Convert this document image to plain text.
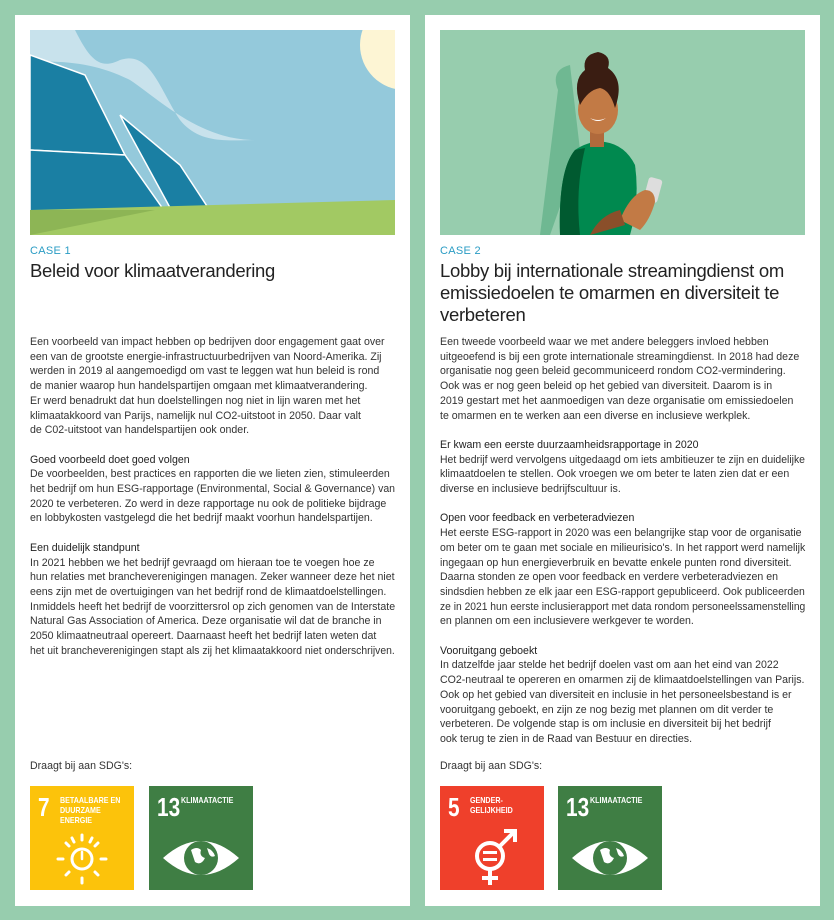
CASE 1
Beleid voor klimaatverandering
Een voorbeeld van impact hebben op bedrijven door engagement gaat over
een van de grootste energie-infrastructuurbedrijven van Noord-Amerika. Zij
werden in 2019 al aangemoedigd om vast te leggen wat hun beleid is rond
de manier waarop hun handelspartijen omgaan met klimaatverandering.
Er werd benadrukt dat hun doelstellingen nog niet in lijn waren met het
klimaatakkoord van Parijs, namelijk nul CO2-uitstoot in 2050. Daar valt
de C02-uitstoot van handelspartijen ook onder.
Goed voorbeeld doet goed volgen
De voorbeelden, best practices en rapporten die we lieten zien, stimuleerden
het bedrijf om hun ESG-rapportage (Environmental, Social & Governance) van
2020 te verbeteren. Zo werd in deze rapportage nu ook de politieke bijdrage
en lobbykosten vastgelegd die het bedrijf maakt voorhun handelspartijen.
Een duidelijk standpunt
In 2021 hebben we het bedrijf gevraagd om hieraan toe te voegen hoe ze
hun relaties met brancheverenigingen managen. Zeker wanneer deze het niet
eens zijn met de overtuigingen van het bedrijf rond de klimaatdoelstellingen.
Inmiddels heeft het bedrijf de voorzittersrol op zich genomen van de Interstate
Natural Gas Association of America. Deze organisatie wil dat de branche in
2050 klimaatneutraal opereert. Daarnaast heeft het bedrijf laten weten dat
het uit brancheverenigingen stapt als zij het klimaatakkoord niet onderschrijven.
Draagt bij aan SDG's:
7 BETAALBARE EN
DUURZAME
ENERGIE	13 KLIMAATACTIE
CASE 2
Lobby bij internationale streamingdienst om emissiedoelen te omarmen en diversiteit te verbeteren
Een tweede voorbeeld waar we met andere beleggers invloed hebben
uitgeoefend is bij een grote internationale streamingdienst. In 2018 had deze
organisatie nog geen beleid gecommuniceerd rondom CO2-vermindering.
Ook was er nog geen beleid op het gebied van diversiteit. Daarom is in
2019 gestart met het aanmoedigen van deze organisatie om emissiedoelen
te omarmen en te werken aan een diverse en inclusieve werkplek.
Er kwam een eerste duurzaamheidsrapportage in 2020
Het bedrijf werd vervolgens uitgedaagd om iets ambitieuzer te zijn en duidelijke
klimaatdoelen te stellen. Ook vroegen we om beter te laten zien dat er een
diverse en inclusieve bedrijfscultuur is.
Open voor feedback en verbeteradviezen
Het eerste ESG-rapport in 2020 was een belangrijke stap voor de organisatie
om beter om te gaan met sociale en milieurisico's. In het rapport werd namelijk
ingegaan op hun energieverbruik en bevatte enkele punten rond diversiteit.
Daarna stonden ze open voor feedback en verdere verbeteradviezen en
sindsdien hebben ze elk jaar een ESG-rapport gepubliceerd. Ook publiceerden
ze in 2021 hun eerste inclusierapport met data rondom personeelssamenstelling
en plannen om een inclusievere werkgever te worden.
Vooruitgang geboekt
In datzelfde jaar stelde het bedrijf doelen vast om aan het eind van 2022
CO2-neutraal te opereren en omarmen zij de klimaatdoelstellingen van Parijs.
Ook op het gebied van diversiteit en inclusie in het personeelsbestand is er
vooruitgang geboekt, en zijn ze nog bezig met plannen om dit verder te
verbeteren. De volgende stap is om inclusie en diversiteit bij het bedrijf
ook terug te zien in de Raad van Bestuur en directies.
Draagt bij aan SDG's:
5 GENDER-
GELIJKHEID 13 KLIMAATACTIE
